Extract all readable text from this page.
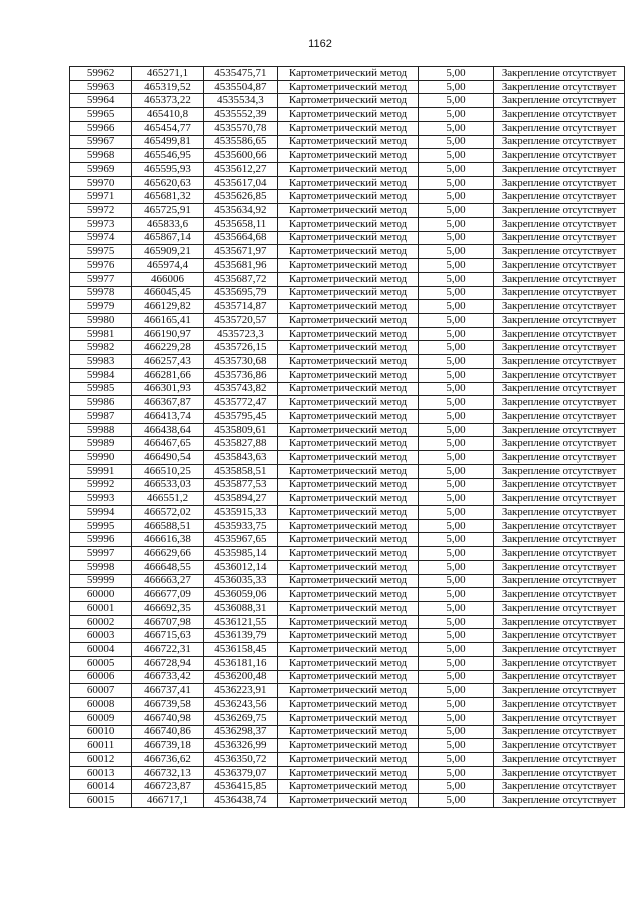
1162
59962	465271,1	4535475,71	Картометрический метод	5,00	Закрепление отсутствует
59963	465319,52	4535504,87	Картометрический метод	5,00	Закрепление отсутствует
59964	465373,22	4535534,3	Картометрический метод	5,00	Закрепление отсутствует
59965	465410,8	4535552,39	Картометрический метод	5,00	Закрепление отсутствует
59966	465454,77	4535570,78	Картометрический метод	5,00	Закрепление отсутствует
59967	465499,81	4535586,65	Картометрический метод	5,00	Закрепление отсутствует
59968	465546,95	4535600,66	Картометрический метод	5,00	Закрепление отсутствует
59969	465595,93	4535612,27	Картометрический метод	5,00	Закрепление отсутствует
59970	465620,63	4535617,04	Картометрический метод	5,00	Закрепление отсутствует
59971	465681,32	4535626,85	Картометрический метод	5,00	Закрепление отсутствует
59972	465725,91	4535634,92	Картометрический метод	5,00	Закрепление отсутствует
59973	465833,6	4535658,11	Картометрический метод	5,00	Закрепление отсутствует
59974	465867,14	4535664,68	Картометрический метод	5,00	Закрепление отсутствует
59975	465909,21	4535671,97	Картометрический метод	5,00	Закрепление отсутствует
59976	465974,4	4535681,96	Картометрический метод	5,00	Закрепление отсутствует
59977	466006	4535687,72	Картометрический метод	5,00	Закрепление отсутствует
59978	466045,45	4535695,79	Картометрический метод	5,00	Закрепление отсутствует
59979	466129,82	4535714,87	Картометрический метод	5,00	Закрепление отсутствует
59980	466165,41	4535720,57	Картометрический метод	5,00	Закрепление отсутствует
59981	466190,97	4535723,3	Картометрический метод	5,00	Закрепление отсутствует
59982	466229,28	4535726,15	Картометрический метод	5,00	Закрепление отсутствует
59983	466257,43	4535730,68	Картометрический метод	5,00	Закрепление отсутствует
59984	466281,66	4535736,86	Картометрический метод	5,00	Закрепление отсутствует
59985	466301,93	4535743,82	Картометрический метод	5,00	Закрепление отсутствует
59986	466367,87	4535772,47	Картометрический метод	5,00	Закрепление отсутствует
59987	466413,74	4535795,45	Картометрический метод	5,00	Закрепление отсутствует
59988	466438,64	4535809,61	Картометрический метод	5,00	Закрепление отсутствует
59989	466467,65	4535827,88	Картометрический метод	5,00	Закрепление отсутствует
59990	466490,54	4535843,63	Картометрический метод	5,00	Закрепление отсутствует
59991	466510,25	4535858,51	Картометрический метод	5,00	Закрепление отсутствует
59992	466533,03	4535877,53	Картометрический метод	5,00	Закрепление отсутствует
59993	466551,2	4535894,27	Картометрический метод	5,00	Закрепление отсутствует
59994	466572,02	4535915,33	Картометрический метод	5,00	Закрепление отсутствует
59995	466588,51	4535933,75	Картометрический метод	5,00	Закрепление отсутствует
59996	466616,38	4535967,65	Картометрический метод	5,00	Закрепление отсутствует
59997	466629,66	4535985,14	Картометрический метод	5,00	Закрепление отсутствует
59998	466648,55	4536012,14	Картометрический метод	5,00	Закрепление отсутствует
59999	466663,27	4536035,33	Картометрический метод	5,00	Закрепление отсутствует
60000	466677,09	4536059,06	Картометрический метод	5,00	Закрепление отсутствует
60001	466692,35	4536088,31	Картометрический метод	5,00	Закрепление отсутствует
60002	466707,98	4536121,55	Картометрический метод	5,00	Закрепление отсутствует
60003	466715,63	4536139,79	Картометрический метод	5,00	Закрепление отсутствует
60004	466722,31	4536158,45	Картометрический метод	5,00	Закрепление отсутствует
60005	466728,94	4536181,16	Картометрический метод	5,00	Закрепление отсутствует
60006	466733,42	4536200,48	Картометрический метод	5,00	Закрепление отсутствует
60007	466737,41	4536223,91	Картометрический метод	5,00	Закрепление отсутствует
60008	466739,58	4536243,56	Картометрический метод	5,00	Закрепление отсутствует
60009	466740,98	4536269,75	Картометрический метод	5,00	Закрепление отсутствует
60010	466740,86	4536298,37	Картометрический метод	5,00	Закрепление отсутствует
60011	466739,18	4536326,99	Картометрический метод	5,00	Закрепление отсутствует
60012	466736,62	4536350,72	Картометрический метод	5,00	Закрепление отсутствует
60013	466732,13	4536379,07	Картометрический метод	5,00	Закрепление отсутствует
60014	466723,87	4536415,85	Картометрический метод	5,00	Закрепление отсутствует
60015	466717,1	4536438,74	Картометрический метод	5,00	Закрепление отсутствует
